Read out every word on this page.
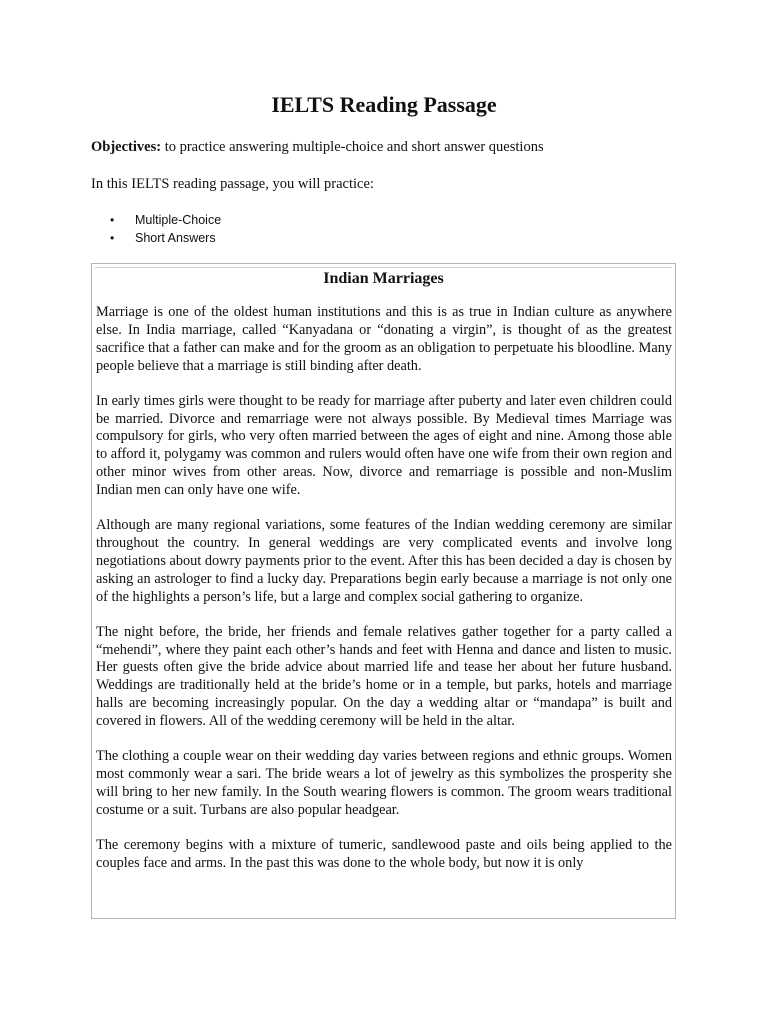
IELTS Reading Passage

Objectives: to practice answering multiple-choice and short answer questions

In this IELTS reading passage, you will practice:

• Multiple-Choice
• Short Answers
Indian Marriages

Marriage is one of the oldest human institutions and this is as true in Indian culture as anywhere else. In India marriage, called “Kanyadana or “donating a virgin”, is thought of as the greatest sacrifice that a father can make and for the groom as an obligation to perpetuate his bloodline. Many people believe that a marriage is still binding after death.

In early times girls were thought to be ready for marriage after puberty and later even children could be married. Divorce and remarriage were not always possible. By Medieval times Marriage was compulsory for girls, who very often married between the ages of eight and nine. Among those able to afford it, polygamy was common and rulers would often have one wife from their own region and other minor wives from other areas. Now, divorce and remarriage is possible and non-Muslim Indian men can only have one wife.

Although are many regional variations, some features of the Indian wedding ceremony are similar throughout the country. In general weddings are very complicated events and involve long negotiations about dowry payments prior to the event. After this has been decided a day is chosen by asking an astrologer to find a lucky day. Preparations begin early because a marriage is not only one of the highlights a person’s life, but a large and complex social gathering to organize.

The night before, the bride, her friends and female relatives gather together for a party called a “mehendi”, where they paint each other’s hands and feet with Henna and dance and listen to music. Her guests often give the bride advice about married life and tease her about her future husband. Weddings are traditionally held at the bride’s home or in a temple, but parks, hotels and marriage halls are becoming increasingly popular. On the day a wedding altar or “mandapa” is built and covered in flowers. All of the wedding ceremony will be held in the altar.

The clothing a couple wear on their wedding day varies between regions and ethnic groups. Women most commonly wear a sari. The bride wears a lot of jewelry as this symbolizes the prosperity she will bring to her new family. In the South wearing flowers is common. The groom wears traditional costume or a suit. Turbans are also popular headgear.

The ceremony begins with a mixture of tumeric, sandlewood paste and oils being applied to the couples face and arms. In the past this was done to the whole body, but now it is only
